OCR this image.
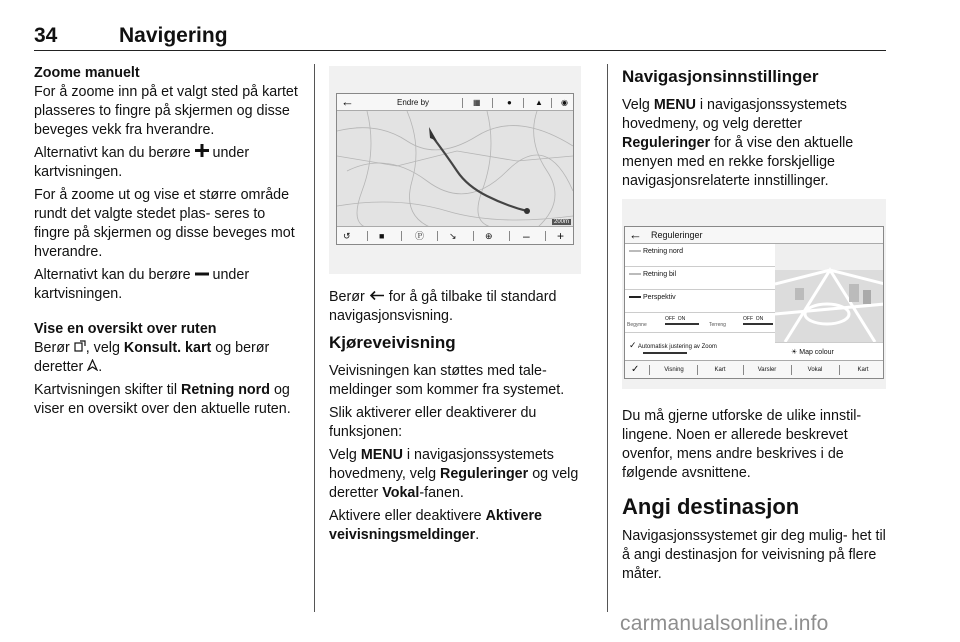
34	Navigering
Zoome manuelt

For å zoome inn på et valgt sted på kartet plasseres to fingre på skjermen og disse beveges vekk fra hverandre.

Alternativt kan du berøre under kartvisningen.

For å zoome ut og vise et større område rundt det valgte stedet plas- seres to fingre på skjermen og disse beveges mot hverandre.

Alternativt kan du berøre under kartvisningen.

Vise en oversikt over ruten

Berør , velg Konsult. kart og berør deretter .

Kartvisningen skifter til Retning nord og viser en oversikt over den aktuelle ruten.

←	Endre by	▦	●	▲ ◉
200m
↺	■	Ⓟ	↘	⊕	– +

Berør for å gå tilbake til standard navigasjonsvisning.

Kjøreveivisning

Veivisningen kan støttes med tale- meldinger som kommer fra systemet.

Slik aktiverer eller deaktiverer du funksjonen:

Velg MENU i navigasjonssystemets hovedmeny, velg Reguleringer og velg deretter Vokal-fanen.

Aktivere eller deaktivere Aktivere veivisningsmeldinger.

Navigasjonsinnstillinger

Velg MENU i navigasjonssystemets hovedmeny, og velg deretter Reguleringer for å vise den aktuelle menyen med en rekke forskjellige navigasjonsrelaterte innstillinger.

← Reguleringer
Retning nord
Retning bil
Perspektiv
Begynne
OFF ON
Terreng
OFF ON
✓ Automatisk justering av Zoom
☀ Map colour
✓	Visning	Kart	Varsler	Vokal	Kart

Du må gjerne utforske de ulike innstil- lingene. Noen er allerede beskrevet ovenfor, mens andre beskrives i de følgende avsnittene.

Angi destinasjon

Navigasjonssystemet gir deg mulig- het til å angi destinasjon for veivisning på flere måter.

carmanualsonline.info
